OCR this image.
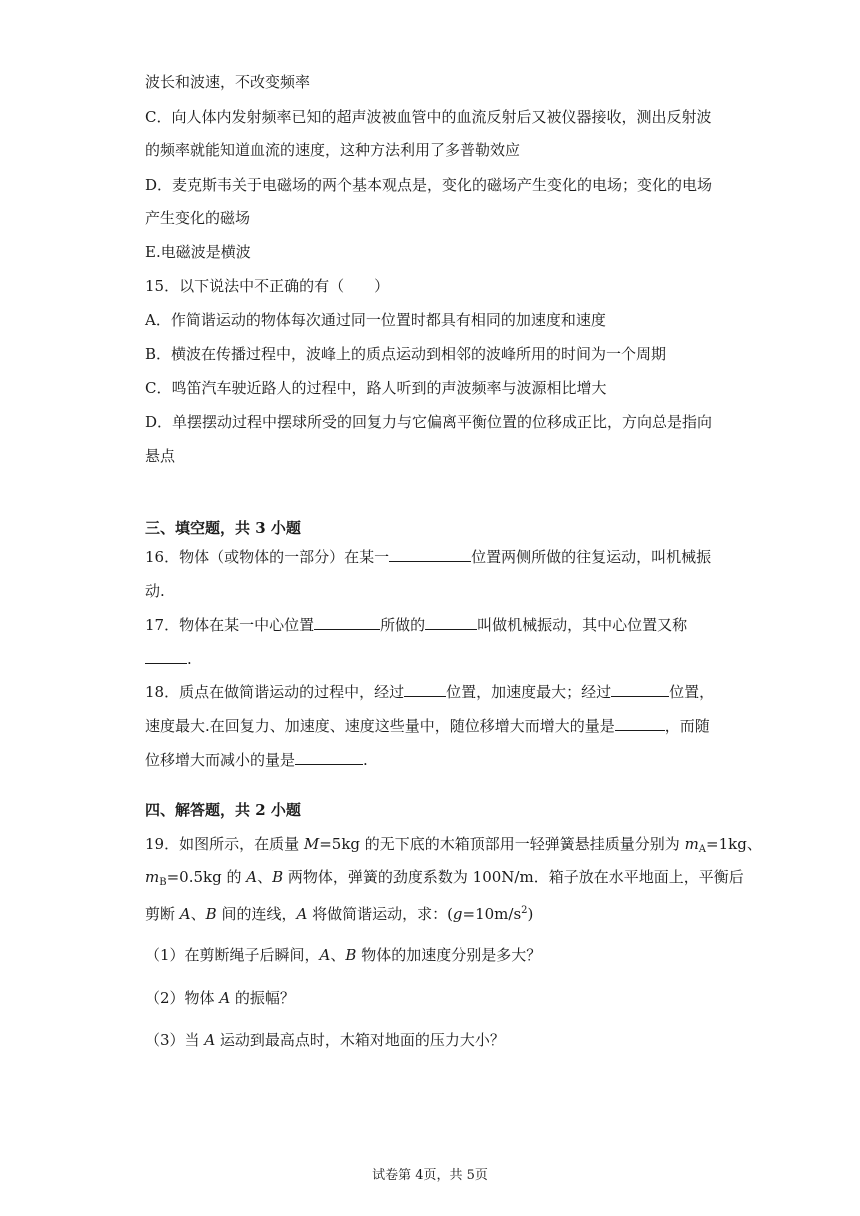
波长和波速，不改变频率
C．向人体内发射频率已知的超声波被血管中的血流反射后又被仪器接收，测出反射波
的频率就能知道血流的速度，这种方法利用了多普勒效应
D．麦克斯韦关于电磁场的两个基本观点是，变化的磁场产生变化的电场；变化的电场
产生变化的磁场
E.电磁波是横波
15．以下说法中不正确的有（　　）
A．作简谐运动的物体每次通过同一位置时都具有相同的加速度和速度
B．横波在传播过程中，波峰上的质点运动到相邻的波峰所用的时间为一个周期
C．鸣笛汽车驶近路人的过程中，路人听到的声波频率与波源相比增大
D．单摆摆动过程中摆球所受的回复力与它偏离平衡位置的位移成正比，方向总是指向
悬点
三、填空题，共 3 小题
16．物体（或物体的一部分）在某一	位置两侧所做的往复运动，叫机械振
动.
17．物体在某一中心位置	所做的	叫做机械振动，其中心位置又称
.
18．质点在做简谐运动的过程中，经过	位置，加速度最大；经过	位置，
速度最大.在回复力、加速度、速度这些量中，随位移增大而增大的量是	，而随
位移增大而减小的量是	.
四、解答题，共 2 小题
19．如图所示，在质量 M=5kg 的无下底的木箱顶部用一轻弹簧悬挂质量分别为 $m_A=1kg$、
$m_B=0.5kg$ 的 A、B 两物体，弹簧的劲度系数为 100N/m．箱子放在水平地面上，平衡后
剪断 A、B 间的连线，A 将做简谐运动，求：$(g=10m/s^2)$
（1）在剪断绳子后瞬间，A、B 物体的加速度分别是多大？
（2）物体 A 的振幅？
（3）当 A 运动到最高点时，木箱对地面的压力大小？
试卷第 4页，共 5页
